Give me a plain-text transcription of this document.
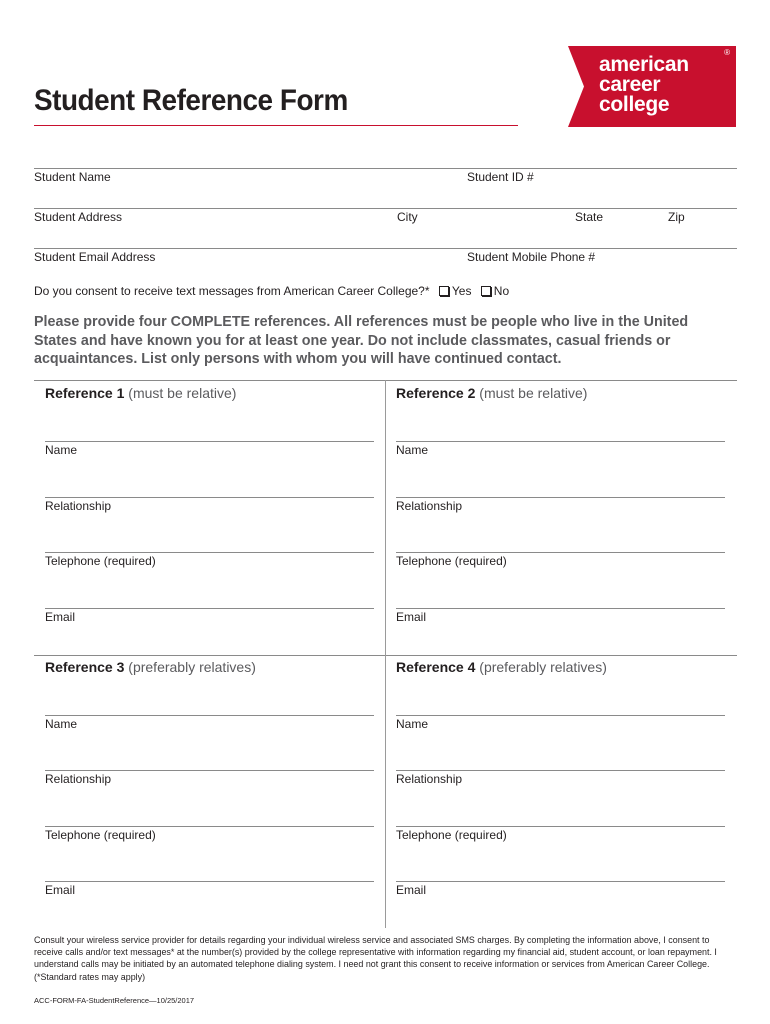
Student Reference Form
american
career
college
®
Student Name	Student ID #
Student Address	City	State	Zip
Student Email Address	Student Mobile Phone #
Do you consent to receive text messages from American Career College?* Yes No

Please provide four COMPLETE references. All references must be people who live in the United States and have known you for at least one year. Do not include classmates, casual friends or acquaintances. List only persons with whom you will have continued contact.

Reference 1 (must be relative)
Name
Relationship
Telephone (required)
Email
Reference 2 (must be relative)
Name
Relationship
Telephone (required)
Email
Reference 3 (preferably relatives)
Name
Relationship
Telephone (required)
Email
Reference 4 (preferably relatives)
Name
Relationship
Telephone (required)
Email

Consult your wireless service provider for details regarding your individual wireless service and associated SMS charges. By completing the information above, I consent to receive calls and/or text messages* at the number(s) provided by the college representative with information regarding my financial aid, student account, or loan repayment. I understand calls may be initiated by an automated telephone dialing system. I need not grant this consent to receive information or services from American Career College. (*Standard rates may apply)

ACC-FORM-FA-StudentReference—10/25/2017
